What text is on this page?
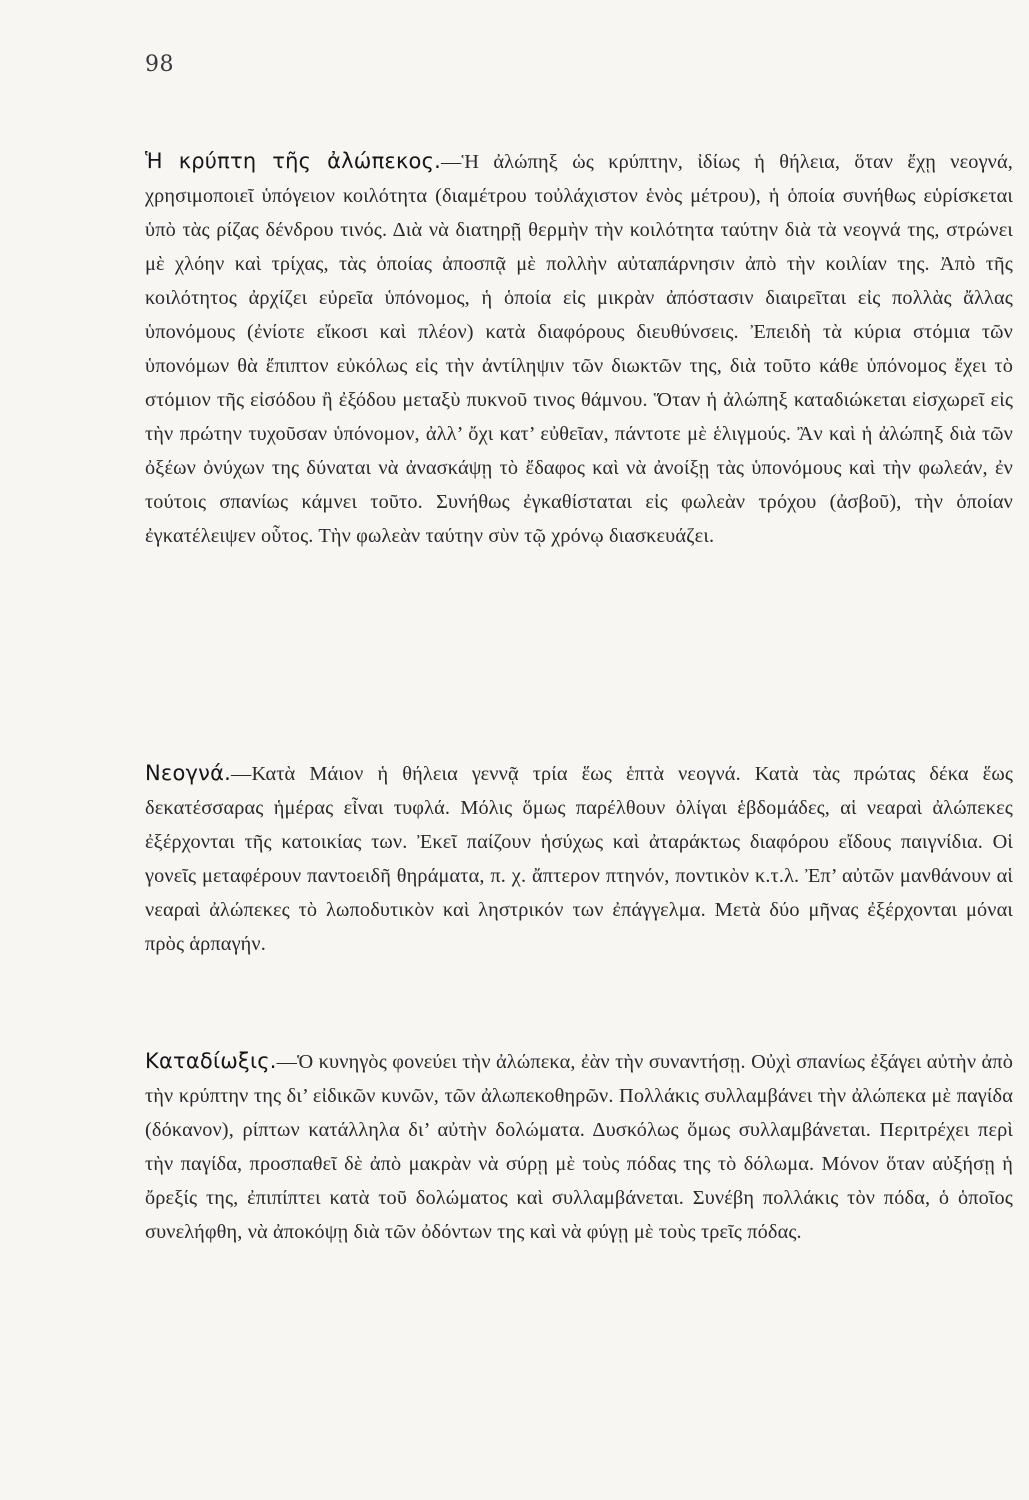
98

Ἡ κρύπτη τῆς ἀλώπεκος.—Ἡ ἀλώπηξ ὡς κρύπτην, ἰδίως ἡ θήλεια, ὅταν ἔχῃ νεογνά, χρησιμοποιεῖ ὑπόγειον κοιλότητα (διαμέτρου τοὐλάχιστον ἑνὸς μέτρου), ἡ ὁποία συνήθως εὑρίσκεται ὑπὸ τὰς ρίζας δένδρου τινός. Διὰ νὰ διατηρῇ θερμὴν τὴν κοιλότητα ταύτην διὰ τὰ νεογνά της, στρώνει μὲ χλόην καὶ τρίχας, τὰς ὁποίας ἀποσπᾷ μὲ πολλὴν αὐταπάρνησιν ἀπὸ τὴν κοιλίαν της. Ἀπὸ τῆς κοιλότητος ἀρχίζει εὐρεῖα ὑπόνομος, ἡ ὁποία εἰς μικρὰν ἀπόστασιν διαιρεῖται εἰς πολλὰς ἄλλας ὑπονόμους (ἐνίοτε εἴκοσι καὶ πλέον) κατὰ διαφόρους διευθύνσεις. Ἐπειδὴ τὰ κύρια στόμια τῶν ὑπονόμων θὰ ἔπιπτον εὐκόλως εἰς τὴν ἀντίληψιν τῶν διωκτῶν της, διὰ τοῦτο κάθε ὑπόνομος ἔχει τὸ στόμιον τῆς εἰσόδου ἢ ἐξόδου μεταξὺ πυκνοῦ τινος θάμνου. Ὅταν ἡ ἀλώπηξ καταδιώκεται εἰσχωρεῖ εἰς τὴν πρώτην τυχοῦσαν ὑπόνομον, ἀλλ’ ὄχι κατ’ εὐθεῖαν, πάντοτε μὲ ἑλιγμούς. Ἂν καὶ ἡ ἀλώπηξ διὰ τῶν ὀξέων ὀνύχων της δύναται νὰ ἀνασκάψῃ τὸ ἔδαφος καὶ νὰ ἀνοίξῃ τὰς ὑπονόμους καὶ τὴν φωλεάν, ἐν τούτοις σπανίως κάμνει τοῦτο. Συνήθως ἐγκαθίσταται εἰς φωλεὰν τρόχου (ἀσβοῦ), τὴν ὁποίαν ἐγκατέλειψεν οὗτος. Τὴν φωλεὰν ταύτην σὺν τῷ χρόνῳ διασκευάζει.

Νεογνά.—Κατὰ Μάιον ἡ θήλεια γεννᾷ τρία ἕως ἑπτὰ νεογνά. Κατὰ τὰς πρώτας δέκα ἕως δεκατέσσαρας ἡμέρας εἶναι τυφλά. Μόλις ὅμως παρέλθουν ὀλίγαι ἑβδομάδες, αἱ νεαραὶ ἀλώπεκες ἐξέρχονται τῆς κατοικίας των. Ἐκεῖ παίζουν ἡσύχως καὶ ἀταράκτως διαφόρου εἴδους παιγνίδια. Οἱ γονεῖς μεταφέρουν παντοειδῆ θηράματα, π. χ. ἄπτερον πτηνόν, ποντικὸν κ.τ.λ. Ἐπ’ αὐτῶν μανθάνουν αἱ νεαραὶ ἀλώπεκες τὸ λωποδυτικὸν καὶ ληστρικόν των ἐπάγγελμα. Μετὰ δύο μῆνας ἐξέρχονται μόναι πρὸς ἁρπαγήν.

Καταδίωξις.—Ὁ κυνηγὸς φονεύει τὴν ἀλώπεκα, ἐὰν τὴν συναντήσῃ. Οὐχὶ σπανίως ἐξάγει αὐτὴν ἀπὸ τὴν κρύπτην της δι’ εἰδικῶν κυνῶν, τῶν ἀλωπεκοθηρῶν. Πολλάκις συλλαμβάνει τὴν ἀλώπεκα μὲ παγίδα (δόκανον), ρίπτων κατάλληλα δι’ αὐτὴν δολώματα. Δυσκόλως ὅμως συλλαμβάνεται. Περιτρέχει περὶ τὴν παγίδα, προσπαθεῖ δὲ ἀπὸ μακρὰν νὰ σύρῃ μὲ τοὺς πόδας της τὸ δόλωμα. Μόνον ὅταν αὐξήσῃ ἡ ὄρεξίς της, ἐπιπίπτει κατὰ τοῦ δολώματος καὶ συλλαμβάνεται. Συνέβη πολλάκις τὸν πόδα, ὁ ὁποῖος συνελήφθη, νὰ ἀποκόψῃ διὰ τῶν ὀδόντων της καὶ νὰ φύγῃ μὲ τοὺς τρεῖς πόδας.
